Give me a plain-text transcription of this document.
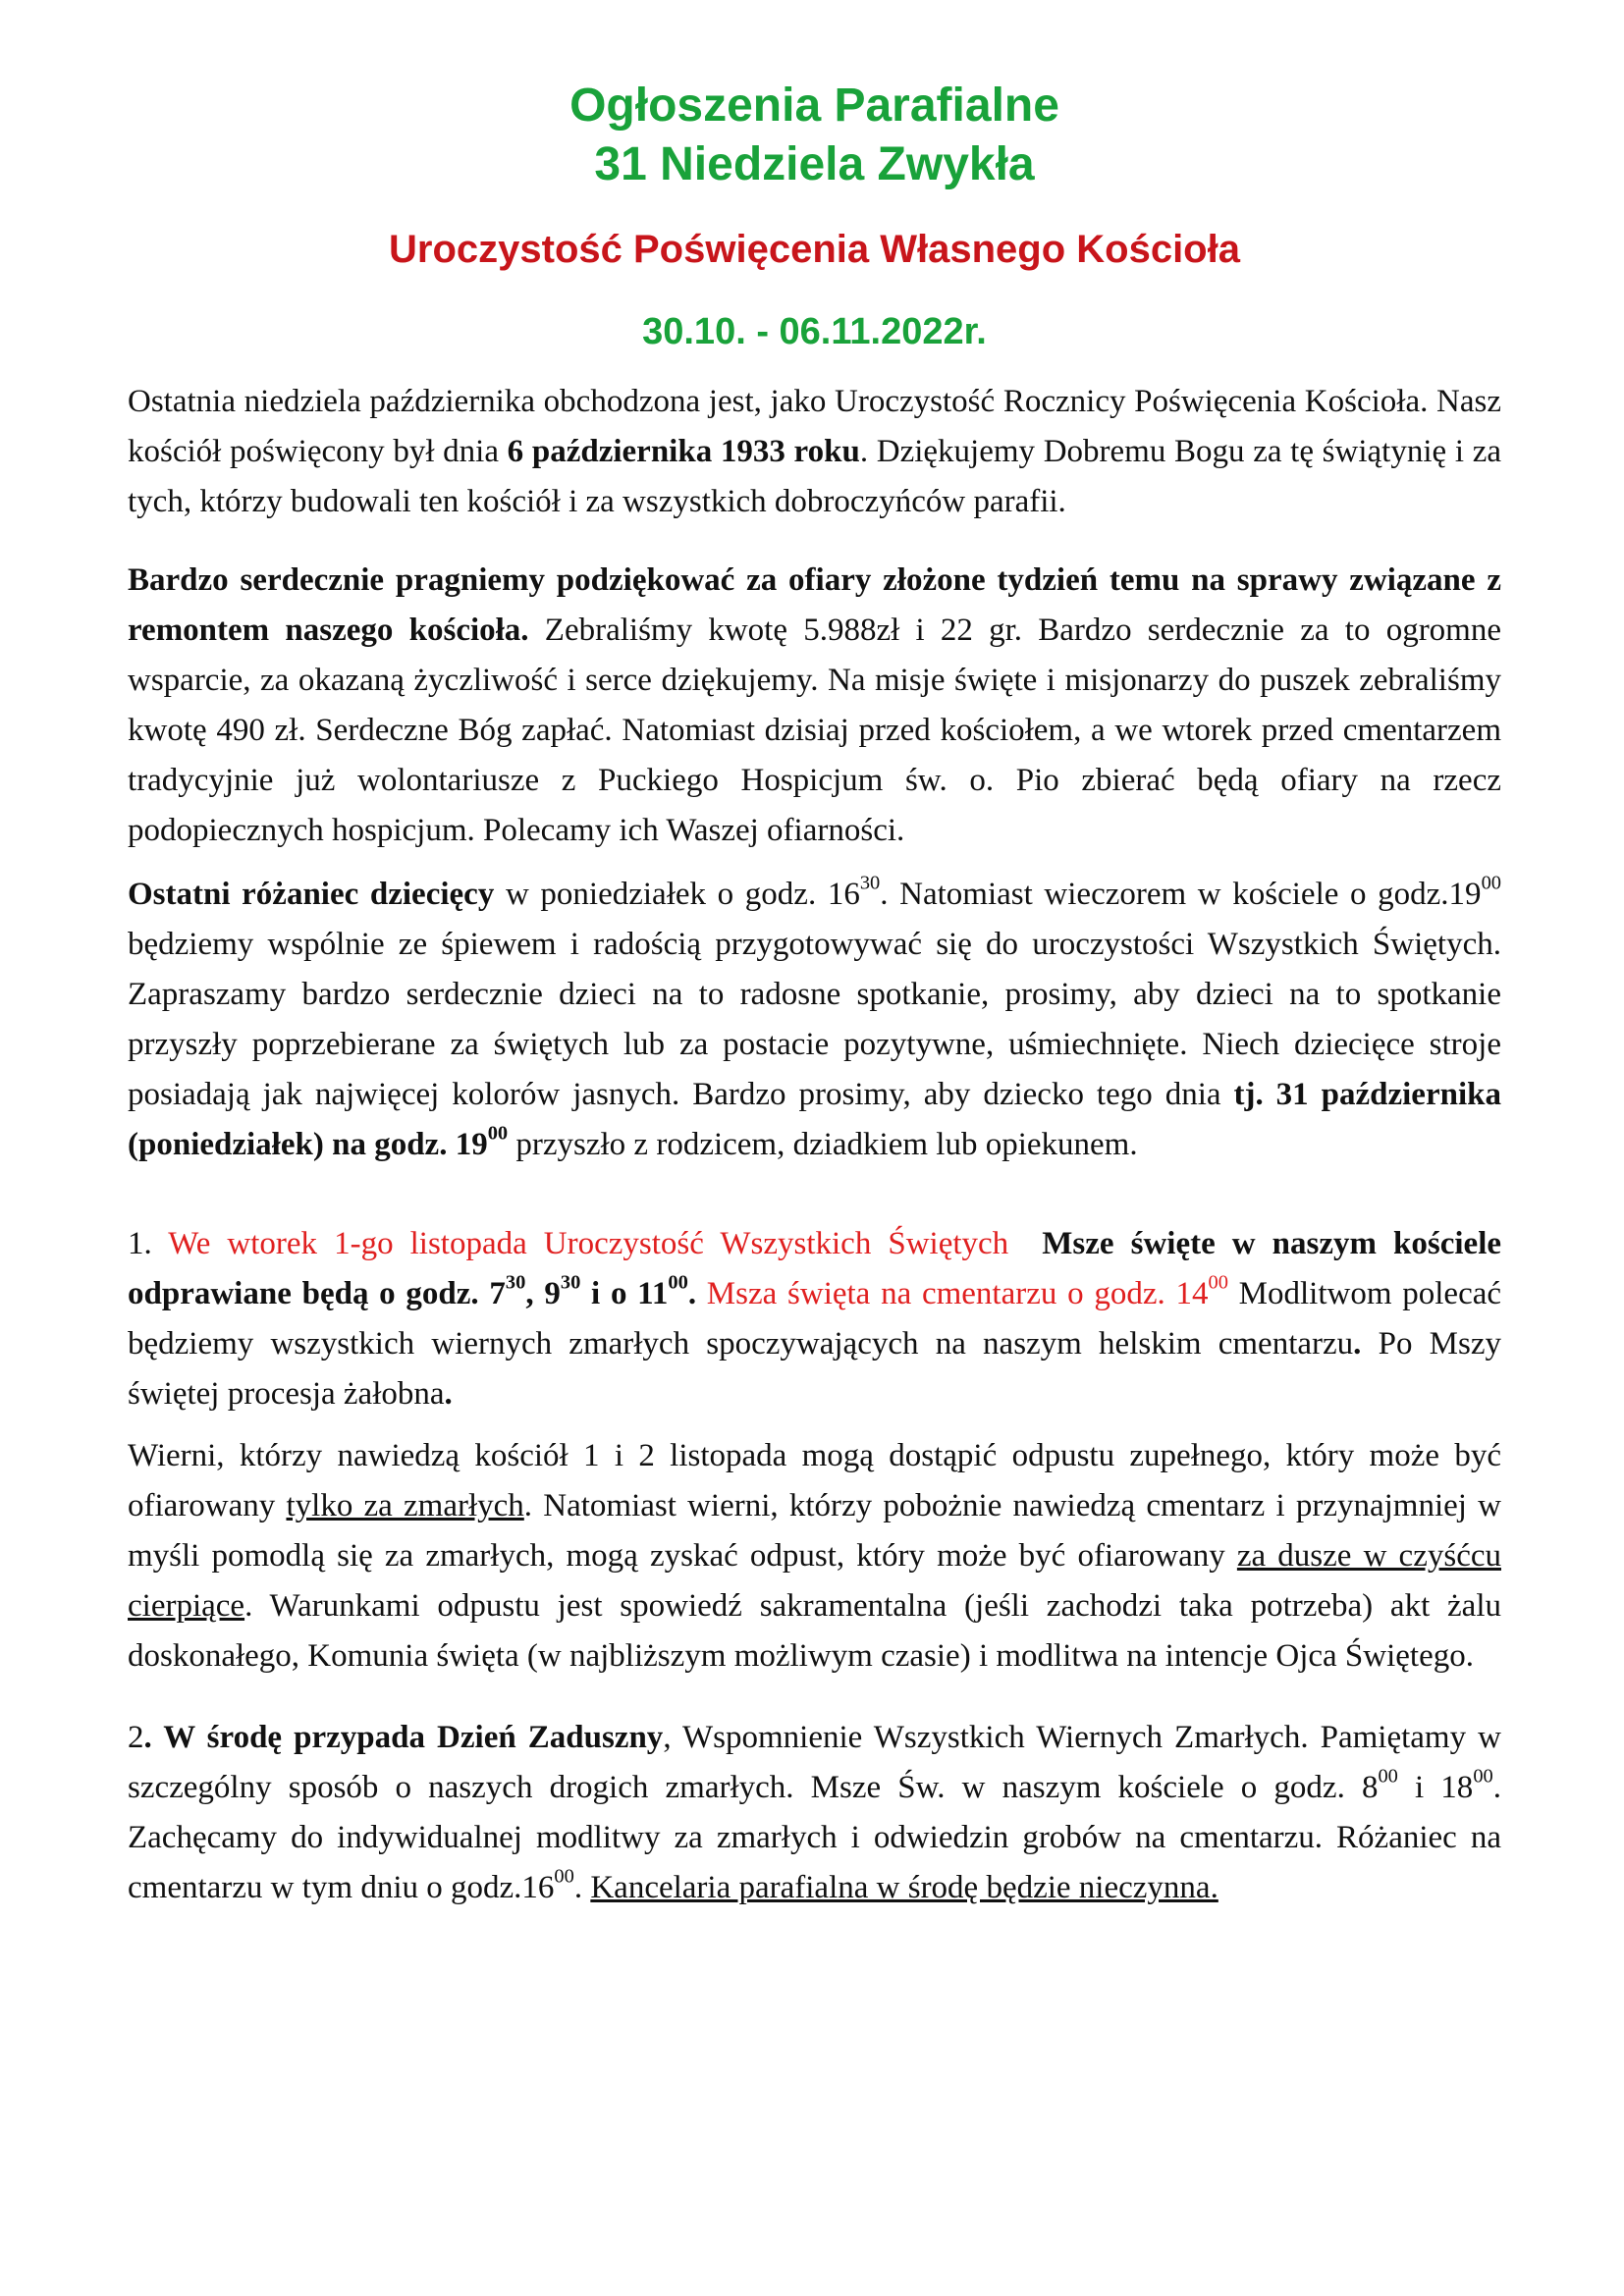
Ogłoszenia Parafialne
31 Niedziela Zwykła
Uroczystość Poświęcenia Własnego Kościoła
30.10. - 06.11.2022r.

Ostatnia niedziela października obchodzona jest, jako Uroczystość Rocznicy Poświęcenia Kościoła. Nasz kościół poświęcony był dnia 6 października 1933 roku. Dziękujemy Dobremu Bogu za tę świątynię i za tych, którzy budowali ten kościół i za wszystkich dobroczyńców parafii.

Bardzo serdecznie pragniemy podziękować za ofiary złożone tydzień temu na sprawy związane z remontem naszego kościoła. Zebraliśmy kwotę 5.988zł i 22 gr. Bardzo serdecznie za to ogromne wsparcie, za okazaną życzliwość i serce dziękujemy. Na misje święte i misjonarzy do puszek zebraliśmy kwotę 490 zł. Serdeczne Bóg zapłać. Natomiast dzisiaj przed kościołem, a we wtorek przed cmentarzem tradycyjnie już wolontariusze z Puckiego Hospicjum św. o. Pio zbierać będą ofiary na rzecz podopiecznych hospicjum. Polecamy ich Waszej ofiarności.

Ostatni różaniec dziecięcy w poniedziałek o godz. $16^{30}$. Natomiast wieczorem w kościele o $godz.19^{00}$ będziemy wspólnie ze śpiewem i radością przygotowywać się do uroczystości Wszystkich Świętych. Zapraszamy bardzo serdecznie dzieci na to radosne spotkanie, prosimy, aby dzieci na to spotkanie przyszły poprzebierane za świętych lub za postacie pozytywne, uśmiechnięte. Niech dziecięce stroje posiadają jak najwięcej kolorów jasnych. Bardzo prosimy, aby dziecko tego dnia tj. 31 października (poniedziałek) na godz. $19^{00}$ przyszło z rodzicem, dziadkiem lub opiekunem.

1. We wtorek 1-go listopada Uroczystość Wszystkich Świętych Msze święte w naszym kościele odprawiane będą o godz. $7^{30}$, $9^{30}$ i o $11^{00}$. Msza święta na cmentarzu o godz. $14^{00}$ Modlitwom polecać będziemy wszystkich wiernych zmarłych spoczywających na naszym helskim cmentarzu. Po Mszy świętej procesja żałobna.

Wierni, którzy nawiedzą kościół 1 i 2 listopada mogą dostąpić odpustu zupełnego, który może być ofiarowany tylko za zmarłych. Natomiast wierni, którzy pobożnie nawiedzą cmentarz i przynajmniej w myśli pomodlą się za zmarłych, mogą zyskać odpust, który może być ofiarowany za dusze w czyśćcu cierpiące. Warunkami odpustu jest spowiedź sakramentalna (jeśli zachodzi taka potrzeba) akt żalu doskonałego, Komunia święta (w najbliższym możliwym czasie) i modlitwa na intencje Ojca Świętego.

2. W środę przypada Dzień Zaduszny, Wspomnienie Wszystkich Wiernych Zmarłych. Pamiętamy w szczególny sposób o naszych drogich zmarłych. Msze Św. w naszym kościele o godz. $8^{00}$ i $18^{00}$. Zachęcamy do indywidualnej modlitwy za zmarłych i odwiedzin grobów na cmentarzu. Różaniec na cmentarzu w tym dniu o $godz.16^{00}$. Kancelaria parafialna w środę będzie nieczynna.
